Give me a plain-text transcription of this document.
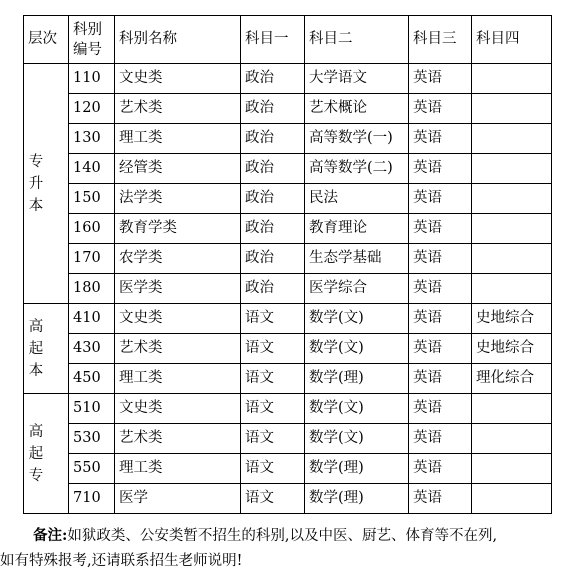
层次	科别编号	科别名称	科目一	科目二	科目三	科目四
专升本	110	文史类	政治	大学语文	英语	
	120	艺术类	政治	艺术概论	英语	
	130	理工类	政治	高等数学(一)	英语	
	140	经管类	政治	高等数学(二)	英语	
	150	法学类	政治	民法	英语	
	160	教育学类	政治	教育理论	英语	
	170	农学类	政治	生态学基础	英语	
	180	医学类	政治	医学综合	英语	
高起本	410	文史类	语文	数学(文)	英语	史地综合
	430	艺术类	语文	数学(文)	英语	史地综合
	450	理工类	语文	数学(理)	英语	理化综合
高起专	510	文史类	语文	数学(文)	英语	
	530	艺术类	语文	数学(文)	英语	
	550	理工类	语文	数学(理)	英语	
	710	医学	语文	数学(理)	英语	
备注:如狱政类、公安类暂不招生的科别,以及中医、厨艺、体育等不在列,
如有特殊报考,还请联系招生老师说明!
